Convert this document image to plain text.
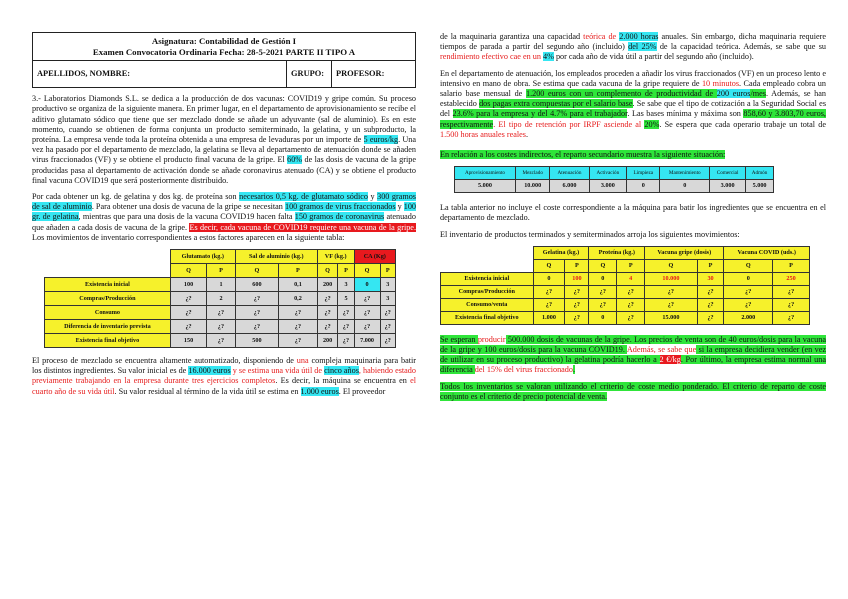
Asignatura: Contabilidad de Gestión I
Examen Convocatoria Ordinaria Fecha: 28-5-2021 PARTE II TIPO A
APELLIDOS, NOMBRE:	GRUPO:	PROFESOR:

3.- Laboratorios Diamonds S.L. se dedica a la producción de dos vacunas: COVID19 y gripe común. Su proceso productivo se organiza de la siguiente manera. En primer lugar, en el departamento de aprovisionamiento se recibe el aditivo glutamato sódico que tiene que ser mezclado donde se añade un adyuvante (sal de aluminio). Es en este momento, cuando se obtienen de forma conjunta un producto semiterminado, la gelatina, y un subproducto, la proteína. La empresa vende toda la proteína obtenida a una empresa de levaduras por un importe de 5 euros/kg. Una vez ha pasado por el departamento de mezclado, la gelatina se lleva al departamento de atenuación donde se añaden virus fraccionados (VF) y se obtiene el producto final vacuna de la gripe. El 60% de las dosis de vacuna de la gripe producidas pasa al departamento de activación donde se añade coronavirus atenuado (CA) y se obtiene el producto final vacuna COVID19 que será posteriormente distribuido.

Por cada obtener un kg. de gelatina y dos kg. de proteína son necesarios 0,5 kg. de glutamato sódico y 300 gramos de sal de aluminio. Para obtener una dosis de vacuna de la gripe se necesitan 100 gramos de virus fraccionados y 100 gr. de gelatina, mientras que para una dosis de la vacuna COVID19 hacen falta 150 gramos de coronavirus atenuado que añaden a cada dosis de vacuna de la gripe. Es decir, cada vacuna de COVID19 requiere una vacuna de la gripe. Los movimientos de inventario correspondientes a estos factores aparecen en la siguiente tabla:

	Glutamato (kg.)		Sal de aluminio (kg.)		VF (kg.)		CA (Kg)	
	Q	P	Q	P	Q	P	Q	P
Existencia inicial	100	1	600	0,1	200	3	0	3
Compras/Producción	¿?	2	¿?	0,2	¿?	5	¿?	3
Consumo	¿?	¿?	¿?	¿?	¿?	¿?	¿?	¿?
Diferencia de inventario prevista	¿?	¿?	¿?	¿?	¿?	¿?	¿?	¿?
Existencia final objetivo	150	¿?	500	¿?	200	¿?	7.000	¿?

El proceso de mezclado se encuentra altamente automatizado, disponiendo de una compleja maquinaria para batir los distintos ingredientes. Su valor inicial es de 16.000 euros y se estima una vida útil de cinco años, habiendo estado previamente trabajando en la empresa durante tres ejercicios completos. Es decir, la máquina se encuentra en el cuarto año de su vida útil. Su valor residual al término de la vida útil se estima en 1.000 euros. El proveedor

de la maquinaria garantiza una capacidad teórica de 2.000 horas anuales. Sin embargo, dicha maquinaria requiere tiempos de parada a partir del segundo año (incluido) del 25% de la capacidad teórica. Además, se sabe que su rendimiento efectivo cae en un 4% por cada año de vida útil a partir del segundo año (incluido).

En el departamento de atenuación, los empleados proceden a añadir los virus fraccionados (VF) en un proceso lento e intensivo en mano de obra. Se estima que cada vacuna de la gripe requiere de 10 minutos. Cada empleado cobra un salario base mensual de 1.200 euros con un complemento de productividad de 200 euros/mes. Además, se han establecido dos pagas extra compuestas por el salario base. Se sabe que el tipo de cotización a la Seguridad Social es del 23.6% para la empresa y del 4.7% para el trabajador. Las bases mínima y máxima son 858,60 y 3.803,70 euros, respectivamente. El tipo de retención por IRPF asciende al 20%. Se espera que cada operario trabaje un total de 1.500 horas anuales reales.

En relación a los costes indirectos, el reparto secundario muestra la siguiente situación:

Aprovisionamiento	Mezclado	Atenuación	Activación	Limpieza	Mantenimiento	Comercial	Admón
5.000	10.000	6.000	3.000	0	0	3.000	5.000

La tabla anterior no incluye el coste correspondiente a la máquina para batir los ingredientes que se encuentra en el departamento de mezclado.

El inventario de productos terminados y semiterminados arroja los siguientes movimientos:

	Gelatina (kg.)		Proteína (kg.)		Vacuna gripe (dosis)		Vacuna COVID (uds.)	
	Q	P	Q	P	Q	P	Q	P
Existencia inicial	0	100	0	4	10.000	30	0	250
Compras/Producción	¿?	¿?	¿?	¿?	¿?	¿?	¿?	¿?
Consumo/venta	¿?	¿?	¿?	¿?	¿?	¿?	¿?	¿?
Existencia final objetivo	1.000	¿?	0	¿?	15.000	¿?	2.000	¿?

Se esperan producir 500.000 dosis de vacunas de la gripe. Los precios de venta son de 40 euros/dosis para la vacuna de la gripe y 100 euros/dosis para la vacuna COVID19. Además, se sabe que si la empresa decidiera vender (en vez de utilizar en su proceso productivo) la gelatina podría hacerlo a 2 €/kg. Por último, la empresa estima normal una diferencia del 15% del virus fraccionado.

Todos los inventarios se valoran utilizando el criterio de coste medio ponderado. El criterio de reparto de coste conjunto es el criterio de precio potencial de venta.
